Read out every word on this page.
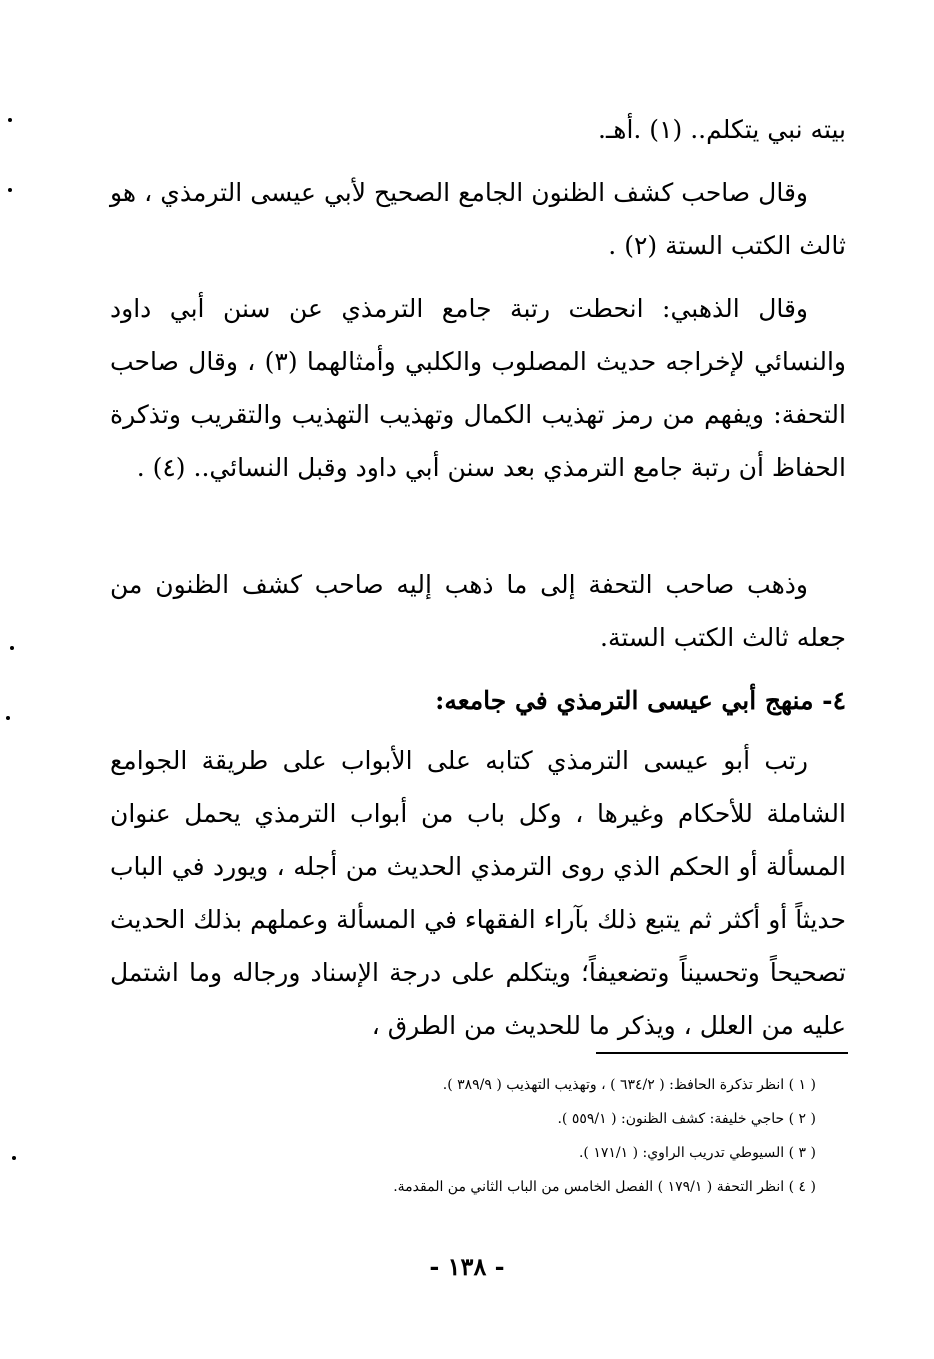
بيته نبي يتكلم.. (١) .أهـ.

وقال صاحب كشف الظنون الجامع الصحيح لأبي عيسى الترمذي ، هو ثالث الكتب الستة (٢) .

وقال الذهبي: انحطت رتبة جامع الترمذي عن سنن أبي داود والنسائي لإخراجه حديث المصلوب والكلبي وأمثالهما (٣) ، وقال صاحب التحفة: ويفهم من رمز تهذيب الكمال وتهذيب التهذيب والتقريب وتذكرة الحفاظ أن رتبة جامع الترمذي بعد سنن أبي داود وقبل النسائي.. (٤) .

وذهب صاحب التحفة إلى ما ذهب إليه صاحب كشف الظنون من جعله ثالث الكتب الستة.

٤- منهج أبي عيسى الترمذي في جامعه:

رتب أبو عيسى الترمذي كتابه على الأبواب على طريقة الجوامع الشاملة للأحكام وغيرها ، وكل باب من أبواب الترمذي يحمل عنوان المسألة أو الحكم الذي روى الترمذي الحديث من أجله ، ويورد في الباب حديثاً أو أكثر ثم يتبع ذلك بآراء الفقهاء في المسألة وعملهم بذلك الحديث تصحيحاً وتحسيناً وتضعيفاً؛ ويتكلم على درجة الإسناد ورجاله وما اشتمل عليه من العلل ، ويذكر ما للحديث من الطرق ،

( ١ ) انظر تذكرة الحافظ: ( ٦٣٤/٢ ) ، وتهذيب التهذيب ( ٣٨٩/٩ ).
( ٢ ) حاجي خليفة: كشف الظنون: ( ٥٥٩/١ ).
( ٣ ) السيوطي تدريب الراوي: ( ١٧١/١ ).
( ٤ ) انظر التحفة ( ١٧٩/١ ) الفصل الخامس من الباب الثاني من المقدمة.
- ١٣٨ -
